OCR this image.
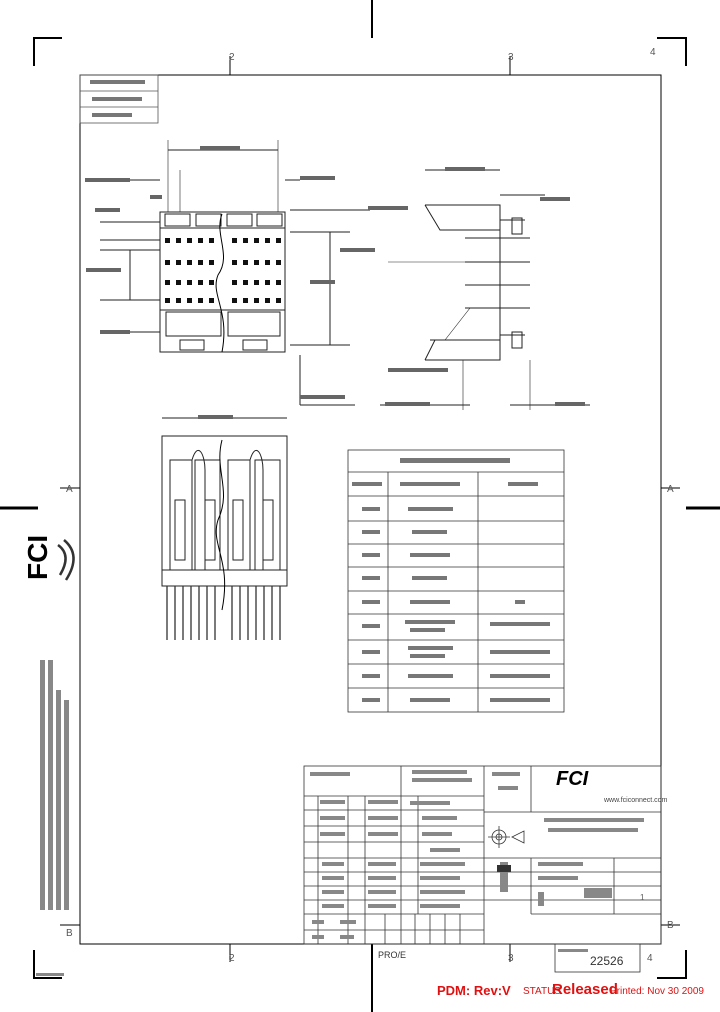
2	3	4
2	3	4
A
B
A
B
FCI
FCI
www.fciconnect.com
PRO/E	22526
1
PDM: Rev:V STATUS
Released
Printed: Nov 30 2009
